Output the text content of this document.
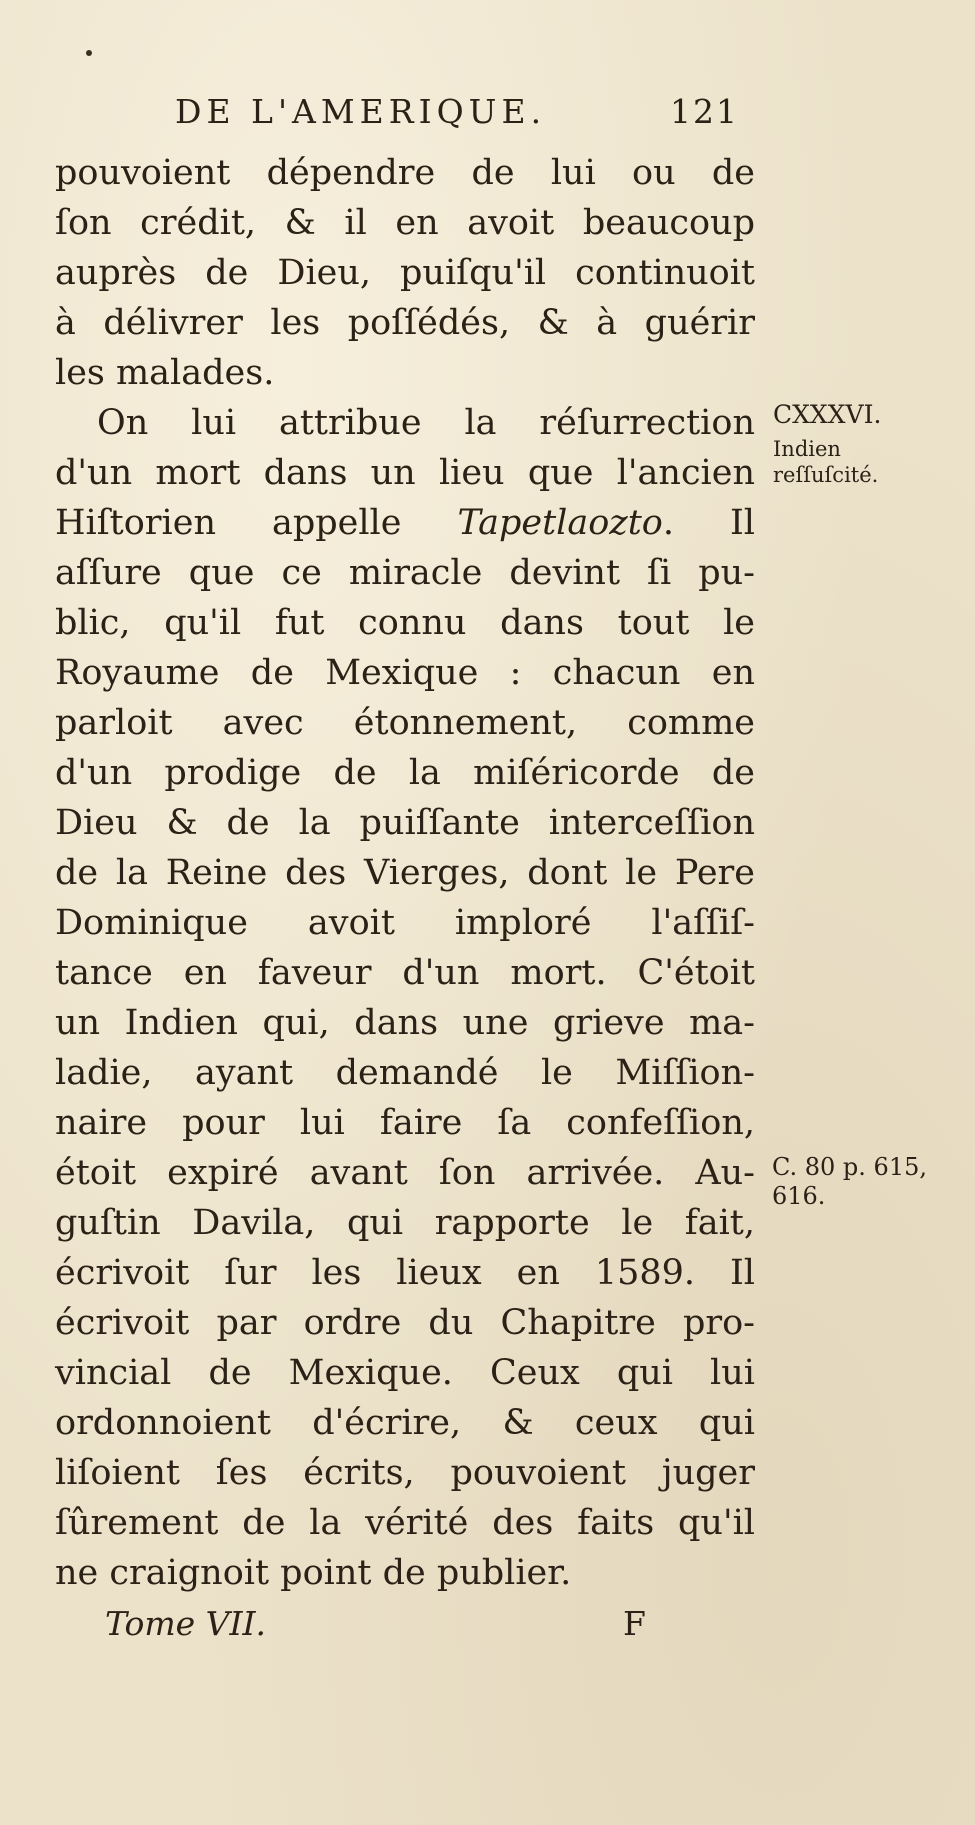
DE L'AMERIQUE.	121
pouvoient dépendre de lui ou de
ſon crédit, & il en avoit beaucoup
auprès de Dieu, puiſqu'il continuoit
à délivrer les poſſédés, & à guérir
les malades.
On lui attribue la réſurrection
d'un mort dans un lieu que l'ancien
Hiſtorien appelle Tapetlaozto. Il
aſſure que ce miracle devint ſi pu-
blic, qu'il fut connu dans tout le
Royaume de Mexique : chacun en
parloit avec étonnement, comme
d'un prodige de la miſéricorde de
Dieu & de la puiſſante interceſſion
de la Reine des Vierges, dont le Pere
Dominique avoit imploré l'aſſiſ-
tance en faveur d'un mort. C'étoit
un Indien qui, dans une grieve ma-
ladie, ayant demandé le Miſſion-
naire pour lui faire ſa confeſſion,
étoit expiré avant ſon arrivée. Au-
guſtin Davila, qui rapporte le fait,
écrivoit ſur les lieux en 1589. Il
écrivoit par ordre du Chapitre pro-
vincial de Mexique. Ceux qui lui
ordonnoient d'écrire, & ceux qui
liſoient ſes écrits, pouvoient juger
ſûrement de la vérité des faits qu'il
ne craignoit point de publier.
CXXXVI.
Indien reſſuſcité.
C. 80 p. 615,
616.
Tome VII.	F
